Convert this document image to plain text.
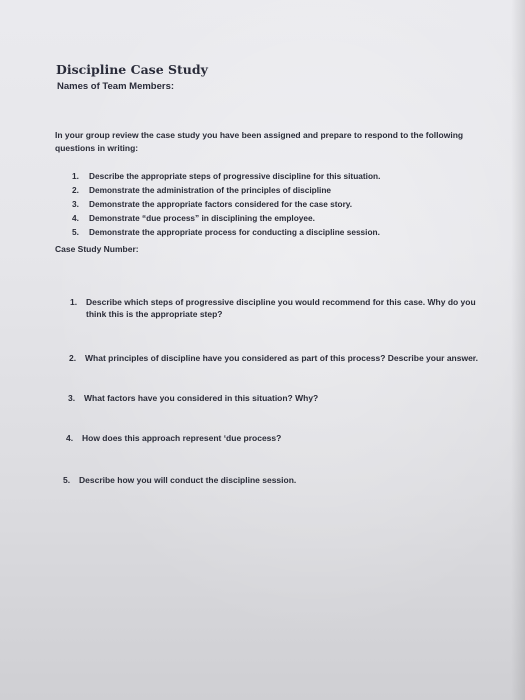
Discipline Case Study
Names of Team Members:
In your group review the case study you have been assigned and prepare to respond to the following questions in writing:
1. Describe the appropriate steps of progressive discipline for this situation.
2. Demonstrate the administration of the principles of discipline
3. Demonstrate the appropriate factors considered for the case story.
4. Demonstrate “due process” in disciplining the employee.
5. Demonstrate the appropriate process for conducting a discipline session.
Case Study Number:
1. Describe which steps of progressive discipline you would recommend for this case. Why do you think this is the appropriate step?
2. What principles of discipline have you considered as part of this process? Describe your answer.
3. What factors have you considered in this situation? Why?
4. How does this approach represent ‘due process?
5. Describe how you will conduct the discipline session.
